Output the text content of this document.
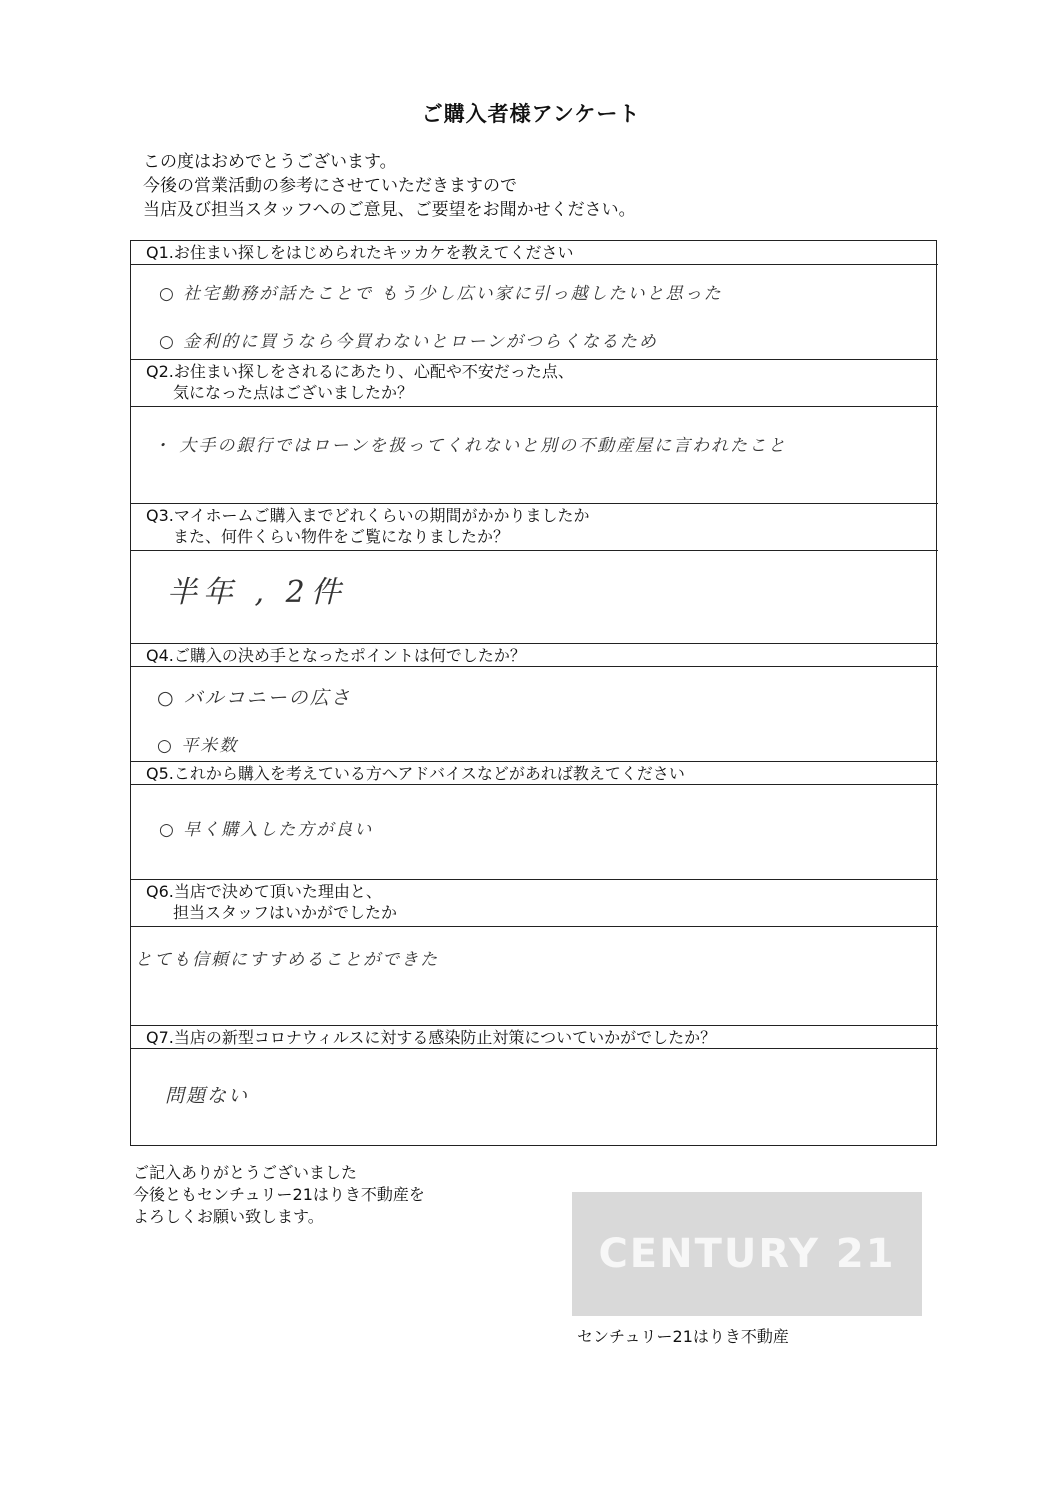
ご購入者様アンケート
この度はおめでとうございます。
今後の営業活動の参考にさせていただきますので
当店及び担当スタッフへのご意見、ご要望をお聞かせください。
Q1.お住まい探しをはじめられたキッカケを教えてください
○ 社宅勤務が話たことで もう少し広い家に引っ越したいと思った
○ 金利的に買うなら今買わないとローンがつらくなるため
Q2.お住まい探しをされるにあたり、心配や不安だった点、
気になった点はございましたか？
・ 大手の銀行ではローンを扱ってくれないと別の不動産屋に言われたこと
Q3.マイホームご購入までどれくらいの期間がかかりましたか
また、何件くらい物件をご覧になりましたか？
半年 , 2件
Q4.ご購入の決め手となったポイントは何でしたか？
○ バルコニーの広さ
○ 平米数
Q5.これから購入を考えている方へアドバイスなどがあれば教えてください
○ 早く購入した方が良い
Q6.当店で決めて頂いた理由と、
担当スタッフはいかがでしたか
とても信頼にすすめることができた
Q7.当店の新型コロナウィルスに対する感染防止対策についていかがでしたか？
問題ない
ご記入ありがとうございました
今後ともセンチュリー21はりき不動産を
よろしくお願い致します。
CENTURY 21
センチュリー21はりき不動産
